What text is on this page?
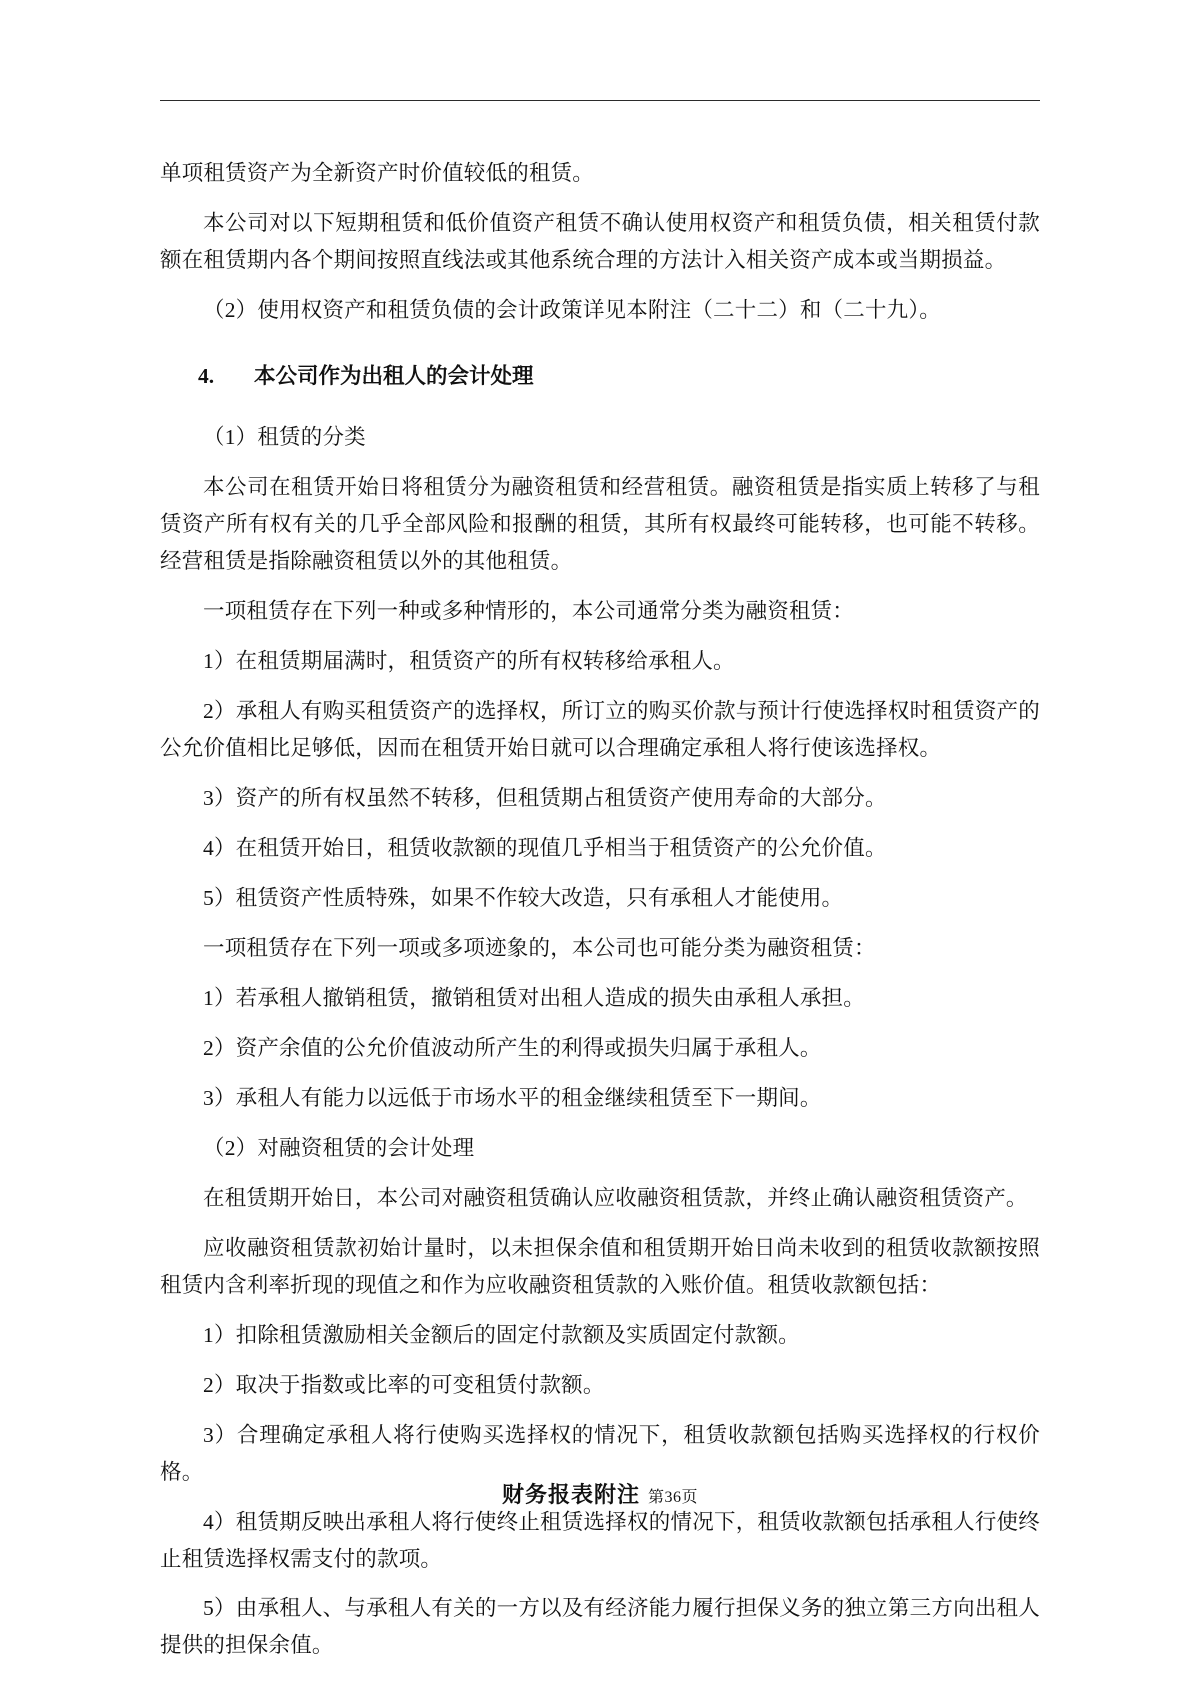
单项租赁资产为全新资产时价值较低的租赁。

本公司对以下短期租赁和低价值资产租赁不确认使用权资产和租赁负债，相关租赁付款额在租赁期内各个期间按照直线法或其他系统合理的方法计入相关资产成本或当期损益。

（2）使用权资产和租赁负债的会计政策详见本附注（二十二）和（二十九）。

4. 本公司作为出租人的会计处理

（1）租赁的分类

本公司在租赁开始日将租赁分为融资租赁和经营租赁。融资租赁是指实质上转移了与租赁资产所有权有关的几乎全部风险和报酬的租赁，其所有权最终可能转移，也可能不转移。经营租赁是指除融资租赁以外的其他租赁。

一项租赁存在下列一种或多种情形的，本公司通常分类为融资租赁：

1）在租赁期届满时，租赁资产的所有权转移给承租人。

2）承租人有购买租赁资产的选择权，所订立的购买价款与预计行使选择权时租赁资产的公允价值相比足够低，因而在租赁开始日就可以合理确定承租人将行使该选择权。

3）资产的所有权虽然不转移，但租赁期占租赁资产使用寿命的大部分。

4）在租赁开始日，租赁收款额的现值几乎相当于租赁资产的公允价值。

5）租赁资产性质特殊，如果不作较大改造，只有承租人才能使用。

一项租赁存在下列一项或多项迹象的，本公司也可能分类为融资租赁：

1）若承租人撤销租赁，撤销租赁对出租人造成的损失由承租人承担。

2）资产余值的公允价值波动所产生的利得或损失归属于承租人。

3）承租人有能力以远低于市场水平的租金继续租赁至下一期间。

（2）对融资租赁的会计处理

在租赁期开始日，本公司对融资租赁确认应收融资租赁款，并终止确认融资租赁资产。

应收融资租赁款初始计量时，以未担保余值和租赁期开始日尚未收到的租赁收款额按照租赁内含利率折现的现值之和作为应收融资租赁款的入账价值。租赁收款额包括：

1）扣除租赁激励相关金额后的固定付款额及实质固定付款额。

2）取决于指数或比率的可变租赁付款额。

3）合理确定承租人将行使购买选择权的情况下，租赁收款额包括购买选择权的行权价格。

4）租赁期反映出承租人将行使终止租赁选择权的情况下，租赁收款额包括承租人行使终止租赁选择权需支付的款项。

5）由承租人、与承租人有关的一方以及有经济能力履行担保义务的独立第三方向出租人提供的担保余值。

财务报表附注 第36页
